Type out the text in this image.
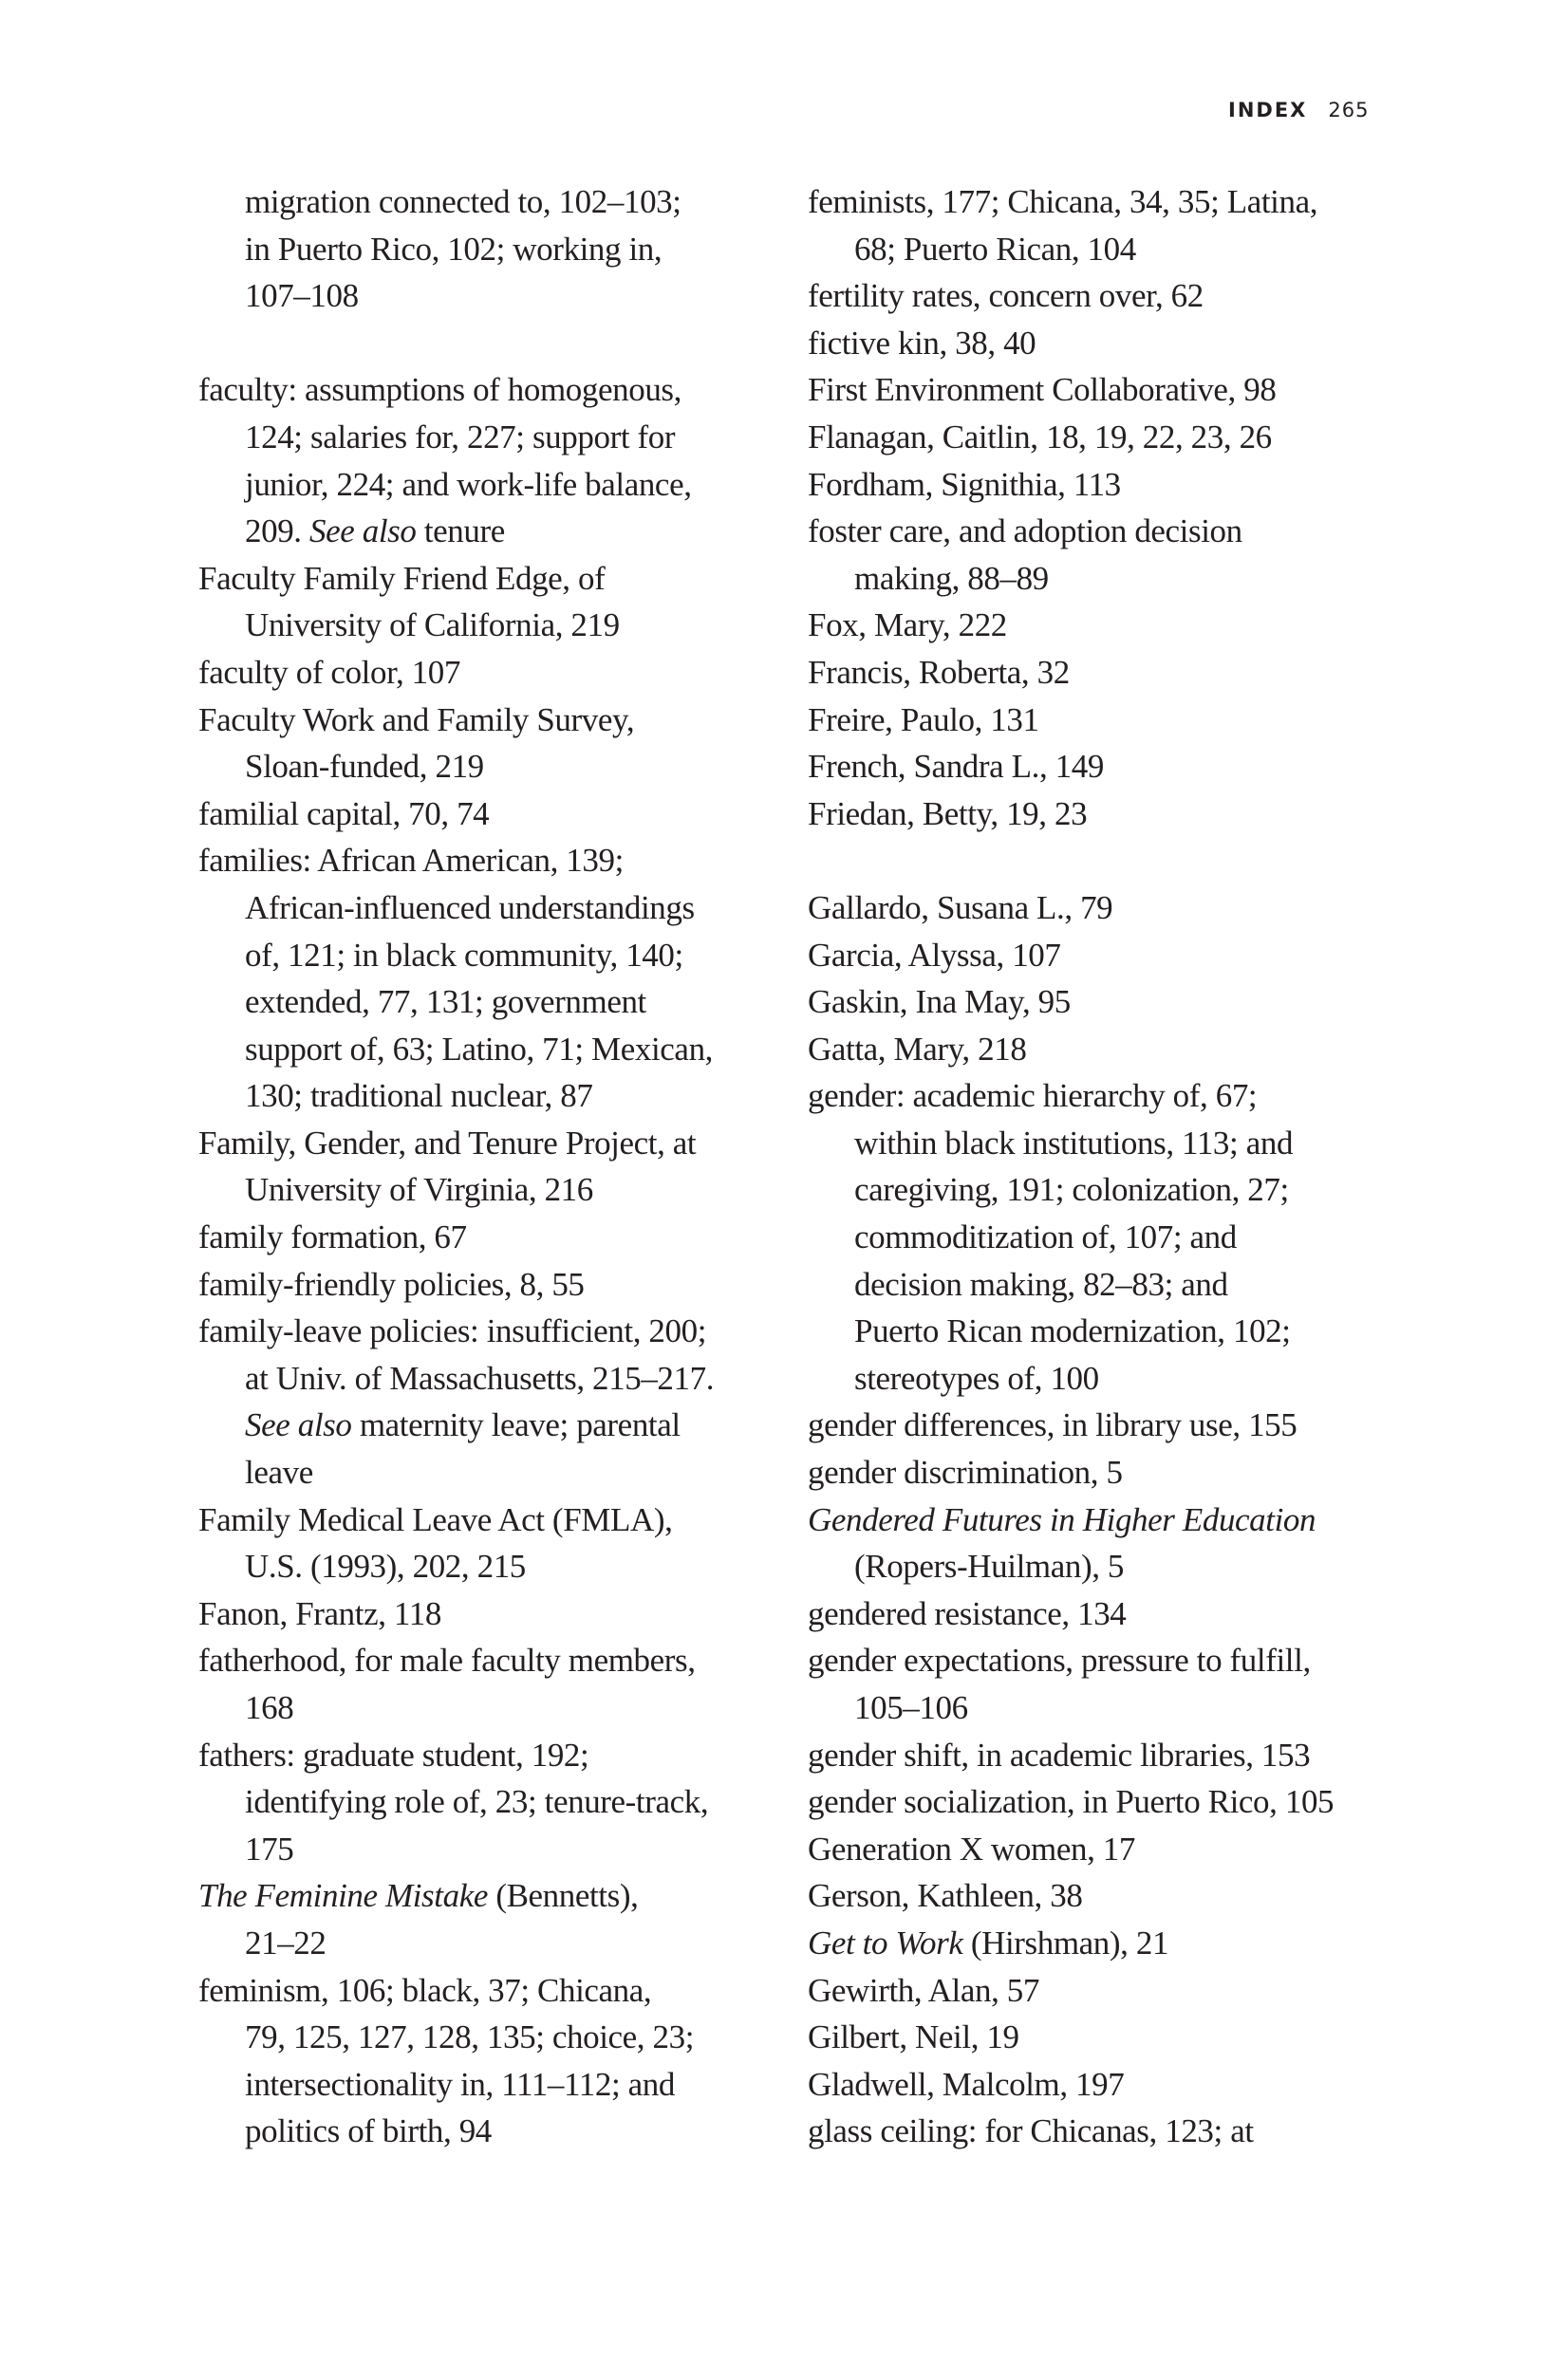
INDEX 265
migration connected to, 102–103;
in Puerto Rico, 102; working in,
107–108
faculty: assumptions of homogenous,
124; salaries for, 227; support for
junior, 224; and work-life balance,
209. See also tenure
Faculty Family Friend Edge, of
University of California, 219
faculty of color, 107
Faculty Work and Family Survey,
Sloan-funded, 219
familial capital, 70, 74
families: African American, 139;
African-influenced understandings
of, 121; in black community, 140;
extended, 77, 131; government
support of, 63; Latino, 71; Mexican,
130; traditional nuclear, 87
Family, Gender, and Tenure Project, at
University of Virginia, 216
family formation, 67
family-friendly policies, 8, 55
family-leave policies: insufficient, 200;
at Univ. of Massachusetts, 215–217.
See also maternity leave; parental
leave
Family Medical Leave Act (FMLA),
U.S. (1993), 202, 215
Fanon, Frantz, 118
fatherhood, for male faculty members,
168
fathers: graduate student, 192;
identifying role of, 23; tenure-track,
175
The Feminine Mistake (Bennetts),
21–22
feminism, 106; black, 37; Chicana,
79, 125, 127, 128, 135; choice, 23;
intersectionality in, 111–112; and
politics of birth, 94
feminists, 177; Chicana, 34, 35; Latina,
68; Puerto Rican, 104
fertility rates, concern over, 62
fictive kin, 38, 40
First Environment Collaborative, 98
Flanagan, Caitlin, 18, 19, 22, 23, 26
Fordham, Signithia, 113
foster care, and adoption decision
making, 88–89
Fox, Mary, 222
Francis, Roberta, 32
Freire, Paulo, 131
French, Sandra L., 149
Friedan, Betty, 19, 23
Gallardo, Susana L., 79
Garcia, Alyssa, 107
Gaskin, Ina May, 95
Gatta, Mary, 218
gender: academic hierarchy of, 67;
within black institutions, 113; and
caregiving, 191; colonization, 27;
commoditization of, 107; and
decision making, 82–83; and
Puerto Rican modernization, 102;
stereotypes of, 100
gender differences, in library use, 155
gender discrimination, 5
Gendered Futures in Higher Education
(Ropers-Huilman), 5
gendered resistance, 134
gender expectations, pressure to fulfill,
105–106
gender shift, in academic libraries, 153
gender socialization, in Puerto Rico, 105
Generation X women, 17
Gerson, Kathleen, 38
Get to Work (Hirshman), 21
Gewirth, Alan, 57
Gilbert, Neil, 19
Gladwell, Malcolm, 197
glass ceiling: for Chicanas, 123; at
